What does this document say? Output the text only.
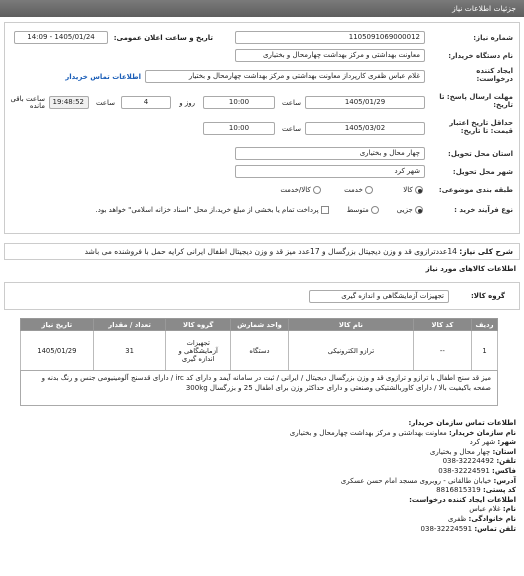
جزئیات اطلاعات نیاز
شماره نیاز:
1105091069000012
تاریخ و ساعت اعلان عمومی:
1405/01/24 - 14:09
نام دستگاه خریدار:
معاونت بهداشتی و مرکز بهداشت چهارمحال و بختیاری
ایجاد کننده درخواست:
غلام عباس ظفری کارپرداز معاونت بهداشتی و مرکز بهداشت چهارمحال و بختیار
اطلاعات تماس خریدار
مهلت ارسال پاسخ: تا تاریخ:
1405/01/29
ساعت
10:00
روز و
4
ساعت
19:48:52
ساعت باقی مانده
حداقل تاریخ اعتبار قیمت: تا تاریخ:
1405/03/02
ساعت
10:00
استان محل تحویل:
چهار محال و بختیاری
شهر محل تحویل:
شهر کرد
طبقه بندی موضوعی:
کالا
خدمت
کالا/خدمت
نوع فرآیند خرید :
جزیی
متوسط
پرداخت تمام یا بخشی از مبلغ خرید،از محل "اسناد خزانه اسلامی" خواهد بود.
شرح کلی نیاز: 14عددترازوی قد و وزن دیجیتال بزرگسال و 17عدد میز قد و وزن دیجیتال اطفال ایرانی کرایه حمل با فروشنده می باشد
اطلاعات کالاهای مورد نیاز
گروه کالا:
تجهیزات آزمایشگاهی و اندازه گیری
ردیف	کد کالا	نام کالا	واحد شمارش	گروه کالا	تعداد / مقدار	تاریخ نیاز
1	--	ترازو الکترونیکی	دستگاه	تجهیزات آزمایشگاهی و اندازه گیری	31	1405/01/29
میز قد سنج اطفال با ترازو و ترازوی قد و وزن بزرگسال دیجیتال / ایرانی / ثبت در سامانه آیمد و دارای کد irc / دارای قدسنج آلومینیومی جنس و رنگ بدنه و صفحه باکیفیت بالا / دارای کاوربالشتیکی وصنعتی و دارای حداکثر وزن برای اطفال 25 و بزرگسال 300kg
اطلاعات تماس سازمان خریدار:
نام سازمان خریدار: معاونت بهداشتی و مرکز بهداشت چهارمحال و بختیاری
شهر: شهر کرد
استان: چهار محال و بختیاری
تلفن: 32224492-038
فاکس: 32224591-038
آدرس: خیابان طالقانی - روبروی مسجد امام حسن عسکری
کد پستی: 8816815319
اطلاعات ایجاد کننده درخواست:
نام: غلام عباس
نام خانوادگی: ظفری
تلفن تماس: 32224591-038
